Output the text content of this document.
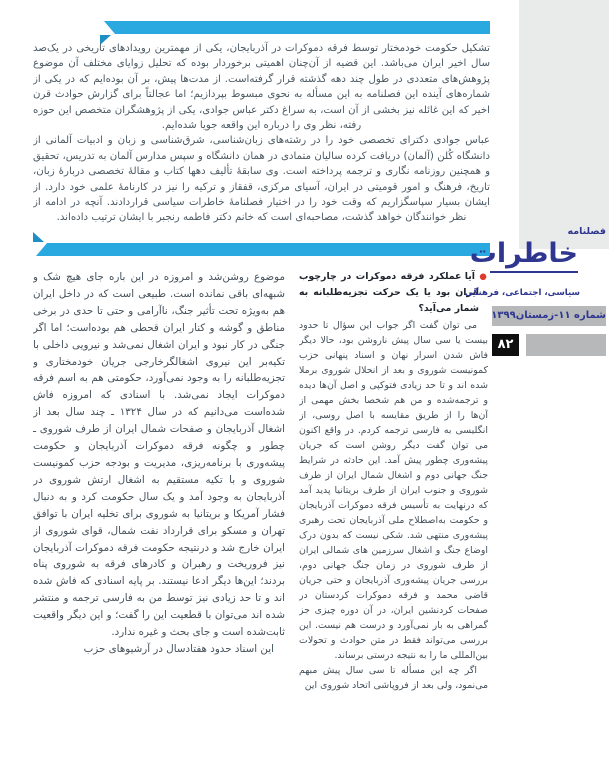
تشکیل حکومت خودمختار توسط فرقه دموکرات در آذربایجان، یکی از مهمترین رویدادهای تاریخی در یک‌صد سال اخیر ایران می‌باشد. این قضیه از آن‌چنان اهمیتی برخوردار بوده که تحلیل زوایای مختلف آن موضوع پژوهش‌های متعددی در طول چند دهه گذشته قرار گرفته‌است. از مدت‌ها پیش، بر آن بوده‌ایم که در یکی از شماره‌های آینده این فصلنامه به این مسأله به نحوی مبسوط بپردازیم؛ اما عجالتاً برای گزارش حوادث قرن اخیر که این غائله نیز بخشی از آن است، به سراغ دکتر عباس جوادی، یکی از پژوهشگران متخصص این حوزه رفته، نظر وی را درباره این واقعه جویا شده‌ایم.

عباس جوادی دکترای تخصصی خود را در رشته‌های زبان‌شناسی، شرق‌شناسی و زبان و ادبیات آلمانی از دانشگاه کُلن (آلمان) دریافت کرده سالیان متمادی در همان دانشگاه و سپس مدارس آلمان به تدریس، تحقیق و همچنین روزنامه نگاری و ترجمه پرداخته است. وی سابقهٔ تألیف دهها کتاب و مقالهٔ تخصصی دربارهٔ زبان، تاریخ، فرهنگ و امور قومیتی در ایران، آسیای مرکزی، قفقاز و ترکیه را نیز در کارنامهٔ علمی خود دارد. از ایشان بسیار سپاسگزاریم که وقت خود را در اختیار فصلنامهٔ خاطرات سیاسی قراردادند. آنچه در ادامه از نظر خوانندگان خواهد گذشت، مصاحبه‌ای است که خانم دکتر فاطمه رنجبر با ایشان ترتیب داده‌اند.

● آیا عملکرد فرقه دموکرات در چارچوب ایران بود یا یک حرکت تجزیه‌طلبانه به شمار می‌آید؟

می توان گفت اگر جواب این سؤال تا حدود بیست یا سی سال پیش ناروشن بود، حالا دیگر فاش شدن اسرار نهان و اسناد پنهانی حزب کمونیست شوروی و بعد از انحلال شوروی برملا شده اند و تا حد زیادی فتوکپی و اصل آن‌ها دیده و ترجمه‌شده و من هم شخصا بخش مهمی از آن‌ها را از طریق مقایسه با اصل روسی، از انگلیسی به فارسی ترجمه کردم. در واقع اکنون می توان گفت دیگر روشن است که جریان پیشه‌وری چطور پیش آمد. این حادثه در شرایط جنگ جهانی دوم و اشغال شمال ایران از طرف شوروی و جنوب ایران از طرف بریتانیا پدید آمد که درنهایت به تأسیس فرقه دموکرات آذربایجان و حکومت به‌اصطلاح ملی آذربایجان تحت رهبری پیشه‌وری منتهی شد. شکی نیست که بدون درک اوضاع جنگ و اشغال سرزمین های شمالی ایران از طرف شوروی در زمان جنگ جهانی دوم، بررسی جریان پیشه‌وری آذربایجان و حتی جریان قاضی محمد و فرقه دموکرات کردستان در صفحات کردنشین ایران، در آن دوره چیزی جز گمراهی به بار نمی‌آورد و درست هم نیست. این بررسی می‌تواند فقط در متن حوادث و تحولات بین‌المللی ما را به نتیجه درستی برساند.

اگر چه این مسأله تا سی سال پیش مبهم می‌نمود، ولی بعد از فروپاشی اتحاد شوروی این

موضوع روشن‌شد و امروزه در این باره جای هیچ شک و شبهه‌ای باقی نمانده است. طبیعی است که در داخل ایران هم به‌ویژه تحت تأثیر جنگ، ناآرامی و حتی تا حدی در برخی مناطق و گوشه و کنار ایران قحطی هم بوده‌است؛ اما اگر جنگی در کار نبود و ایران اشغال نمی‌شد و نیرویی داخلی با تکیه‌بر این نیروی اشغالگرخارجی جریان خودمختاری و تجزیه‌طلبانه را به وجود نمی‌آورد، حکومتی هم به اسم فرقه دموکرات ایجاد نمی‌شد. با اسنادی که امروزه فاش شده‌است می‌دانیم که در سال ۱۳۲۴ ـ چند سال بعد از اشغال آذربایجان و صفحات شمال ایران از طرف شوروی ـ چطور و چگونه فرقه دموکرات آذربایجان و حکومت پیشه‌وری با برنامه‌ریزی، مدیریت و بودجه حزب کمونیست شوروی و با تکیه مستقیم به اشغال ارتش شوروی در آذربایجان به وجود آمد و یک سال حکومت کرد و به دنبال فشار آمریکا و بریتانیا به شوروی برای تخلیه ایران با توافق تهران و مسکو برای قرارداد نفت شمال، قوای شوروی از ایران خارج شد و درنتیجه حکومت فرقه دموکرات آذربایجان نیز فروریخت و رهبران و کادرهای فرقه به شوروی پناه بردند؛ این‌ها دیگر ادعا نیستند. بر پایه اسنادی که فاش شده اند و تا حد زیادی نیز توسط من به فارسی ترجمه و منتشر شده اند می‌توان با قطعیت این را گفت؛ و این دیگر واقعیت ثابت‌شده است و جای بحث و غیره ندارد.

این اسناد حدود هفتادسال در آرشیوهای حزب

فصلنامه
خاطرات
سیاسی، اجتماعی، فرهنگی
شماره ۱۱-زمستان۱۳۹۹
۸۲
